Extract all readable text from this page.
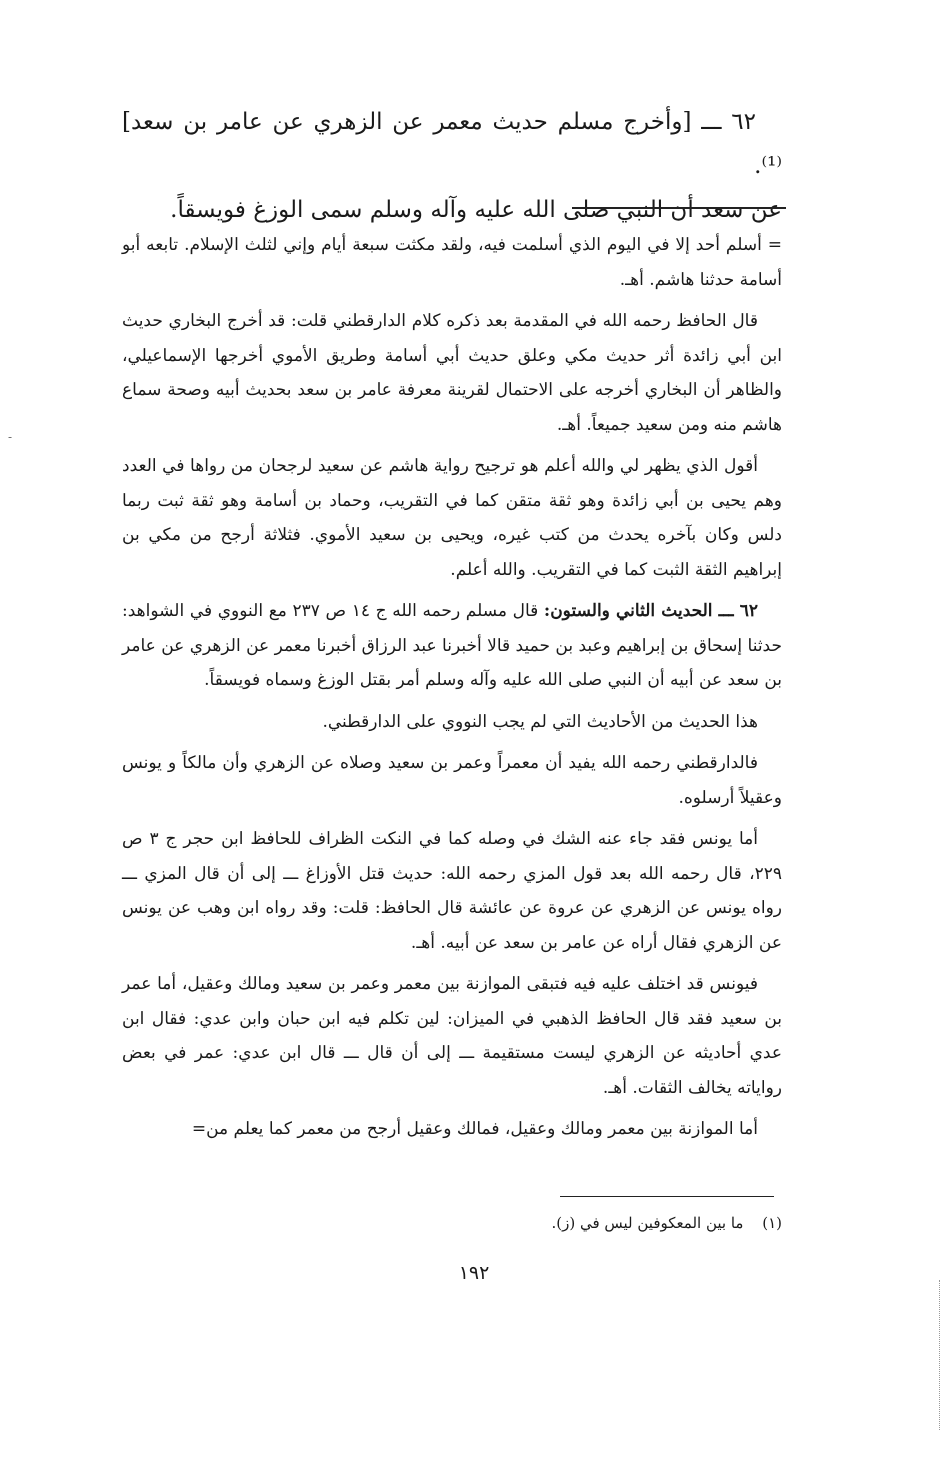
٦٢ ـــ [وأخرج مسلم حديث معمر عن الزهري عن عامر بن سعد] ⁽¹⁾.

عن سعد أن النبي صلى الله عليه وآله وسلم سمى الوزغ فويسقاً.

= أسلم أحد إلا في اليوم الذي أسلمت فيه، ولقد مكثت سبعة أيام وإني لثلث الإسلام. تابعه أبو أسامة حدثنا هاشم. أهـ.

قال الحافظ رحمه الله في المقدمة بعد ذكره كلام الدارقطني قلت: قد أخرج البخاري حديث ابن أبي زائدة أثر حديث مكي وعلق حديث أبي أسامة وطريق الأموي أخرجها الإسماعيلي، والظاهر أن البخاري أخرجه على الاحتمال لقرينة معرفة عامر بن سعد بحديث أبيه وصحة سماع هاشم منه ومن سعيد جميعاً. أهـ.

أقول الذي يظهر لي والله أعلم هو ترجيح رواية هاشم عن سعيد لرجحان من رواها في العدد وهم يحيى بن أبي زائدة وهو ثقة متقن كما في التقريب، وحماد بن أسامة وهو ثقة ثبت ربما دلس وكان بآخره يحدث من كتب غيره، ويحيى بن سعيد الأموي. فثلاثة أرجح من مكي بن إبراهيم الثقة الثبت كما في التقريب. والله أعلم.

٦٢ ـــ الحديث الثاني والستون: قال مسلم رحمه الله ج ١٤ ص ٢٣٧ مع النووي في الشواهد: حدثنا إسحاق بن إبراهيم وعبد بن حميد قالا أخبرنا عبد الرزاق أخبرنا معمر عن الزهري عن عامر بن سعد عن أبيه أن النبي صلى الله عليه وآله وسلم أمر بقتل الوزغ وسماه فويسقاً.

هذا الحديث من الأحاديث التي لم يجب النووي على الدارقطني.

فالدارقطني رحمه الله يفيد أن معمراً وعمر بن سعيد وصلاه عن الزهري وأن مالكاً و يونس وعقيلاً أرسلوه.

أما يونس فقد جاء عنه الشك في وصله كما في النكت الظراف للحافظ ابن حجر ج ٣ ص ٢٢٩، قال رحمه الله بعد قول المزي رحمه الله: حديث قتل الأوزاغ ـــ إلى أن قال المزي ـــ رواه يونس عن الزهري عن عروة عن عائشة قال الحافظ: قلت: وقد رواه ابن وهب عن يونس عن الزهري فقال أراه عن عامر بن سعد عن أبيه. أهـ.

فيونس قد اختلف عليه فيه فتبقى الموازنة بين معمر وعمر بن سعيد ومالك وعقيل، أما عمر بن سعيد فقد قال الحافظ الذهبي في الميزان: لين تكلم فيه ابن حبان وابن عدي: فقال ابن عدي أحاديثه عن الزهري ليست مستقيمة ـــ إلى أن قال ـــ قال ابن عدي: عمر في بعض رواياته يخالف الثقات. أهـ.

أما الموازنة بين معمر ومالك وعقيل، فمالك وعقيل أرجح من معمر كما يعلم من=

(١) ما بين المعكوفين ليس في (ز).
١٩٢
-
